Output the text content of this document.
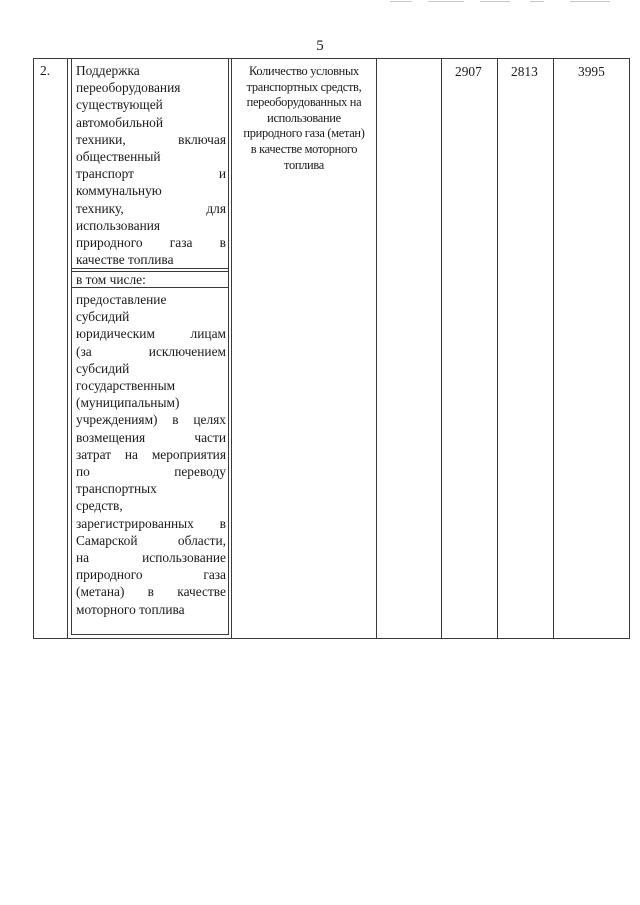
5
2. Поддержка
переоборудования
существующей
автомобильной
техники, включая
общественный
транспорт и
коммунальную
технику, для
использования
природного газа в
качестве топлива
в том числе:
предоставление
субсидий
юридическим лицам
(за исключением
субсидий
государственным
(муниципальным)
учреждениям) в целях
возмещения части
затрат на мероприятия
по переводу
транспортных
средств,
зарегистрированных в
Самарской области,
на использование
природного газа
(метана) в качестве
моторного топлива
Количество условных
транспортных средств,
переоборудованных на
использование
природного газа (метан)
в качестве моторного
топлива
2907 2813	3995
